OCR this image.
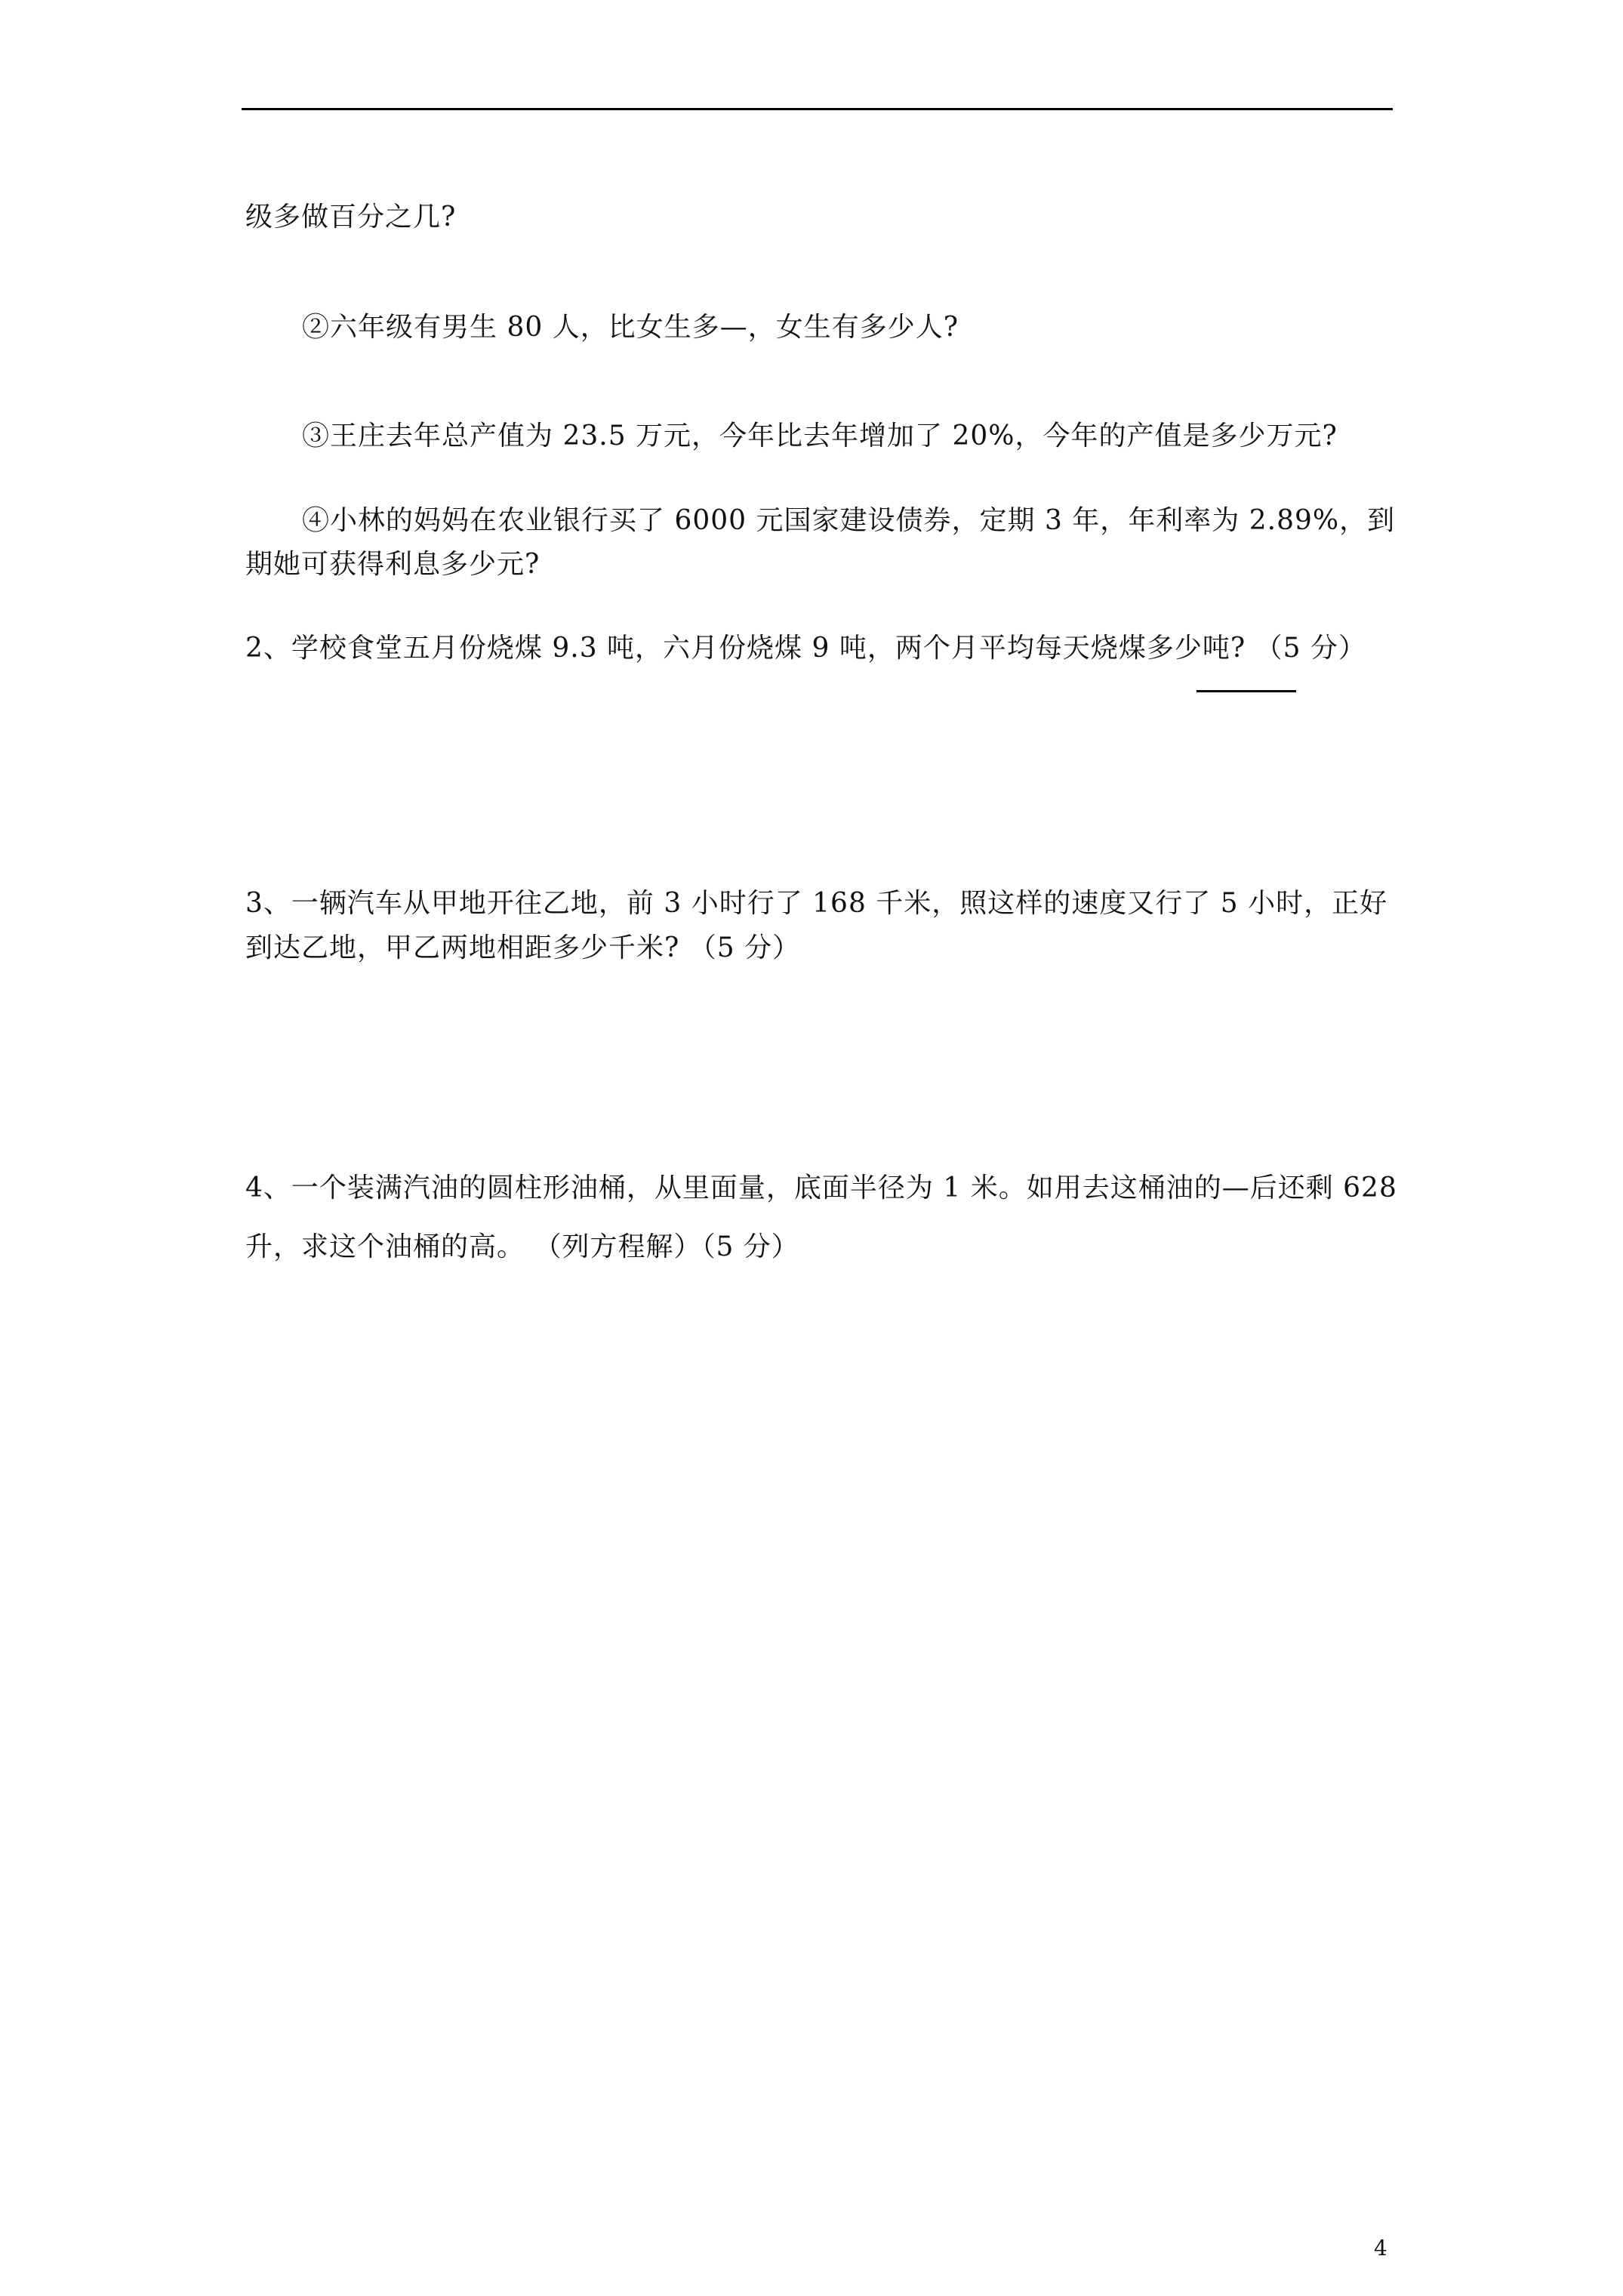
级多做百分之几?
②六年级有男生 80 人，比女生多—，女生有多少人?
③王庄去年总产值为 23.5 万元，今年比去年增加了 20%，今年的产值是多少万元?
④小林的妈妈在农业银行买了 6000 元国家建设债券，定期 3 年，年利率为 2.89%，到
期她可获得利息多少元?
2、学校食堂五月份烧煤 9.3 吨，六月份烧煤 9 吨，两个月平均每天烧煤多少吨? （5 分）
3、一辆汽车从甲地开往乙地，前 3 小时行了 168 千米，照这样的速度又行了 5 小时，正好
到达乙地，甲乙两地相距多少千米? （5 分）
4、一个装满汽油的圆柱形油桶，从里面量，底面半径为 1 米。如用去这桶油的—后还剩 628
升，求这个油桶的高。 （列方程解）（5 分）
4
